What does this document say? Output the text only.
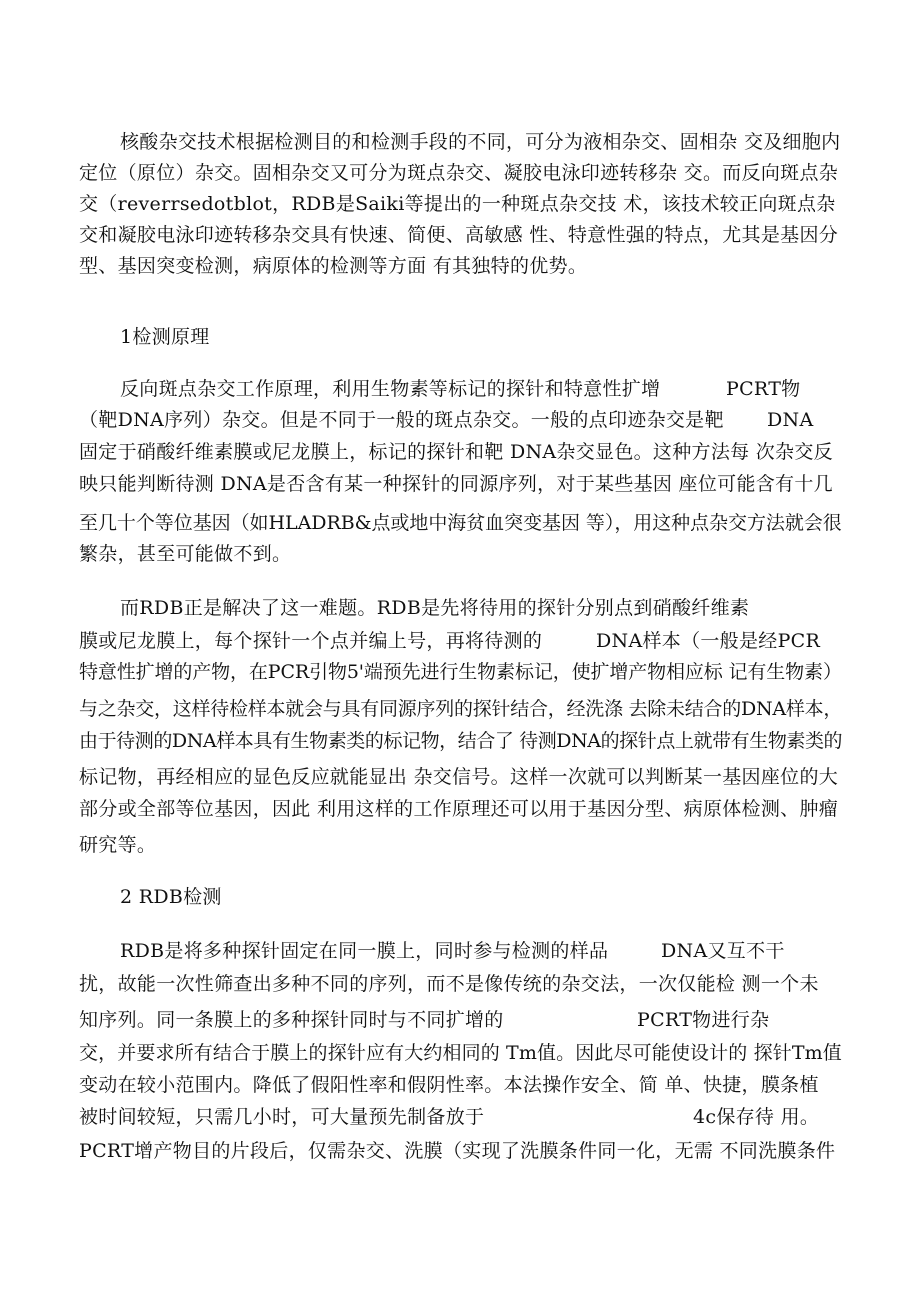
核酸杂交技术根据检测目的和检测手段的不同，可分为液相杂交、固相杂 交及细胞内
定位（原位）杂交。固相杂交又可分为斑点杂交、凝胶电泳印迹转移杂 交。而反向斑点杂
交（reverrsedotblot，RDB是Saiki等提出的一种斑点杂交技 术，该技术较正向斑点杂
交和凝胶电泳印迹转移杂交具有快速、简便、高敏感 性、特意性强的特点，尤其是基因分
型、基因突变检测，病原体的检测等方面 有其独特的优势。
1检测原理
反向斑点杂交工作原理，利用生物素等标记的探针和特意性扩增	PCRT物
（靶DNA序列）杂交。但是不同于一般的斑点杂交。一般的点印迹杂交是靶 DNA
固定于硝酸纤维素膜或尼龙膜上，标记的探针和靶 DNA杂交显色。这种方法每 次杂交反
映只能判断待测 DNA是否含有某一种探针的同源序列，对于某些基因 座位可能含有十几
至几十个等位基因（如HLADRB&点或地中海贫血突变基因 等），用这种点杂交方法就会很
繁杂，甚至可能做不到。
而RDB正是解决了这一难题。RDB是先将待用的探针分别点到硝酸纤维素
膜或尼龙膜上，每个探针一个点并编上号，再将待测的	DNA样本（一般是经PCR
特意性扩增的产物，在PCR引物5'端预先进行生物素标记，使扩增产物相应标 记有生物素）
与之杂交，这样待检样本就会与具有同源序列的探针结合，经洗涤 去除未结合的DNA样本，
由于待测的DNA样本具有生物素类的标记物，结合了 待测DNA的探针点上就带有生物素类的
标记物，再经相应的显色反应就能显出 杂交信号。这样一次就可以判断某一基因座位的大
部分或全部等位基因，因此 利用这样的工作原理还可以用于基因分型、病原体检测、肿瘤
研究等。
2 RDB检测
RDB是将多种探针固定在同一膜上，同时参与检测的样品	DNA又互不干
扰，故能一次性筛查出多种不同的序列，而不是像传统的杂交法，一次仅能检 测一个未
知序列。同一条膜上的多种探针同时与不同扩增的	PCRT物进行杂
交，并要求所有结合于膜上的探针应有大约相同的 Tm值。因此尽可能使设计的 探针Tm值
变动在较小范围内。降低了假阳性率和假阴性率。本法操作安全、简 单、快捷，膜条植
被时间较短，只需几小时，可大量预先制备放于	4c保存待 用。
PCRT增产物目的片段后，仅需杂交、洗膜（实现了洗膜条件同一化，无需 不同洗膜条件
